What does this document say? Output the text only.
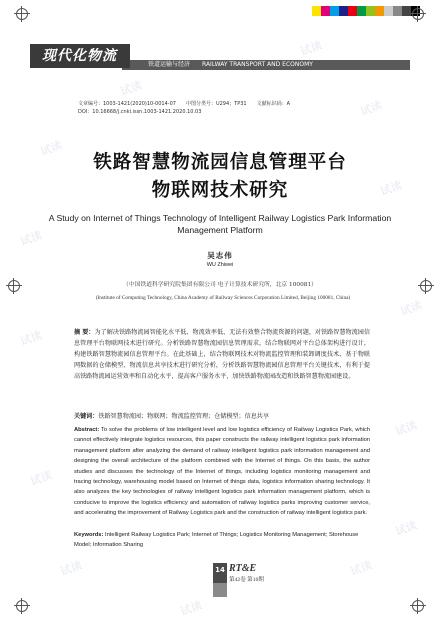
试读
试读
试读
试读
试读
试读
试读
试读
试读
试读
试读
试读
试读
试读
铁道运输与经济 RAILWAY TRANSPORT AND ECONOMY
现代化物流
文章编号：1003-1421(2020)10-0014-07 中图分类号：U294；TP31 文献标识码：A
DOI：10.16668/j.cnki.issn.1003-1421.2020.10.03
铁路智慧物流园信息管理平台
物联网技术研究
A Study on Internet of Things Technology of Intelligent Railway Logistics Park Information
Management Platform
吴志伟
WU Zhiwei
（中国铁道科学研究院集团有限公司 电子计算技术研究所，北京 100081）
(Institute of Computing Technology, China Academy of Railway Sciences Corporation Limited, Beijing 100081, China)
摘 要：为了解决铁路物流园智能化水平低、物流效率低、无法有效整合物流资源的问题，对铁路智慧物流园信息管理平台物联网技术进行研究。分析铁路智慧物流园信息管理需求，结合物联网对平台总体架构进行设计，构建铁路智慧物流园信息管理平台。在此基础上，结合物联网技术对物流监控管理和装卸调度技术、基于物联网数据的仓储模型、物流信息共享技术进行研究分析，分析铁路智慧物流园信息管理平台关键技术，有利于提高铁路物流园运营效率和自动化水平，提高客户服务水平，加快铁路物流园改造和铁路智慧物流园建设。
关键词：铁路智慧物流园；物联网；物流监控管理；仓储模型；信息共享
Abstract: To solve the problems of low intelligent level and low logistics efficiency of Railway Logistics Park, which cannot effectively integrate logistics resources, this paper constructs the railway intelligent logistics park information management platform after analyzing the demand of railway intelligent logistics park information management and designing the overall architecture of the platform combined with the Internet of things. On this basis, the author studies and discusses the technology of the Internet of things, including logistics monitoring management and tracing technology, warehousing model based on Internet of things data, logistics information sharing technology. It also analyzes the key technologies of railway intelligent logistics park information management platform, which is conducive to improve the logistics efficiency and automation of railway logistics parks improving customer service, and accelerating the improvement of Railway Logistics park and the construction of railway intelligent logistics park.
Keywords: Intelligent Railway Logistics Park; Internet of Things; Logistics Monitoring Management; Storehouse Model; Information Sharing
14 RT&E
第42卷 第10期
